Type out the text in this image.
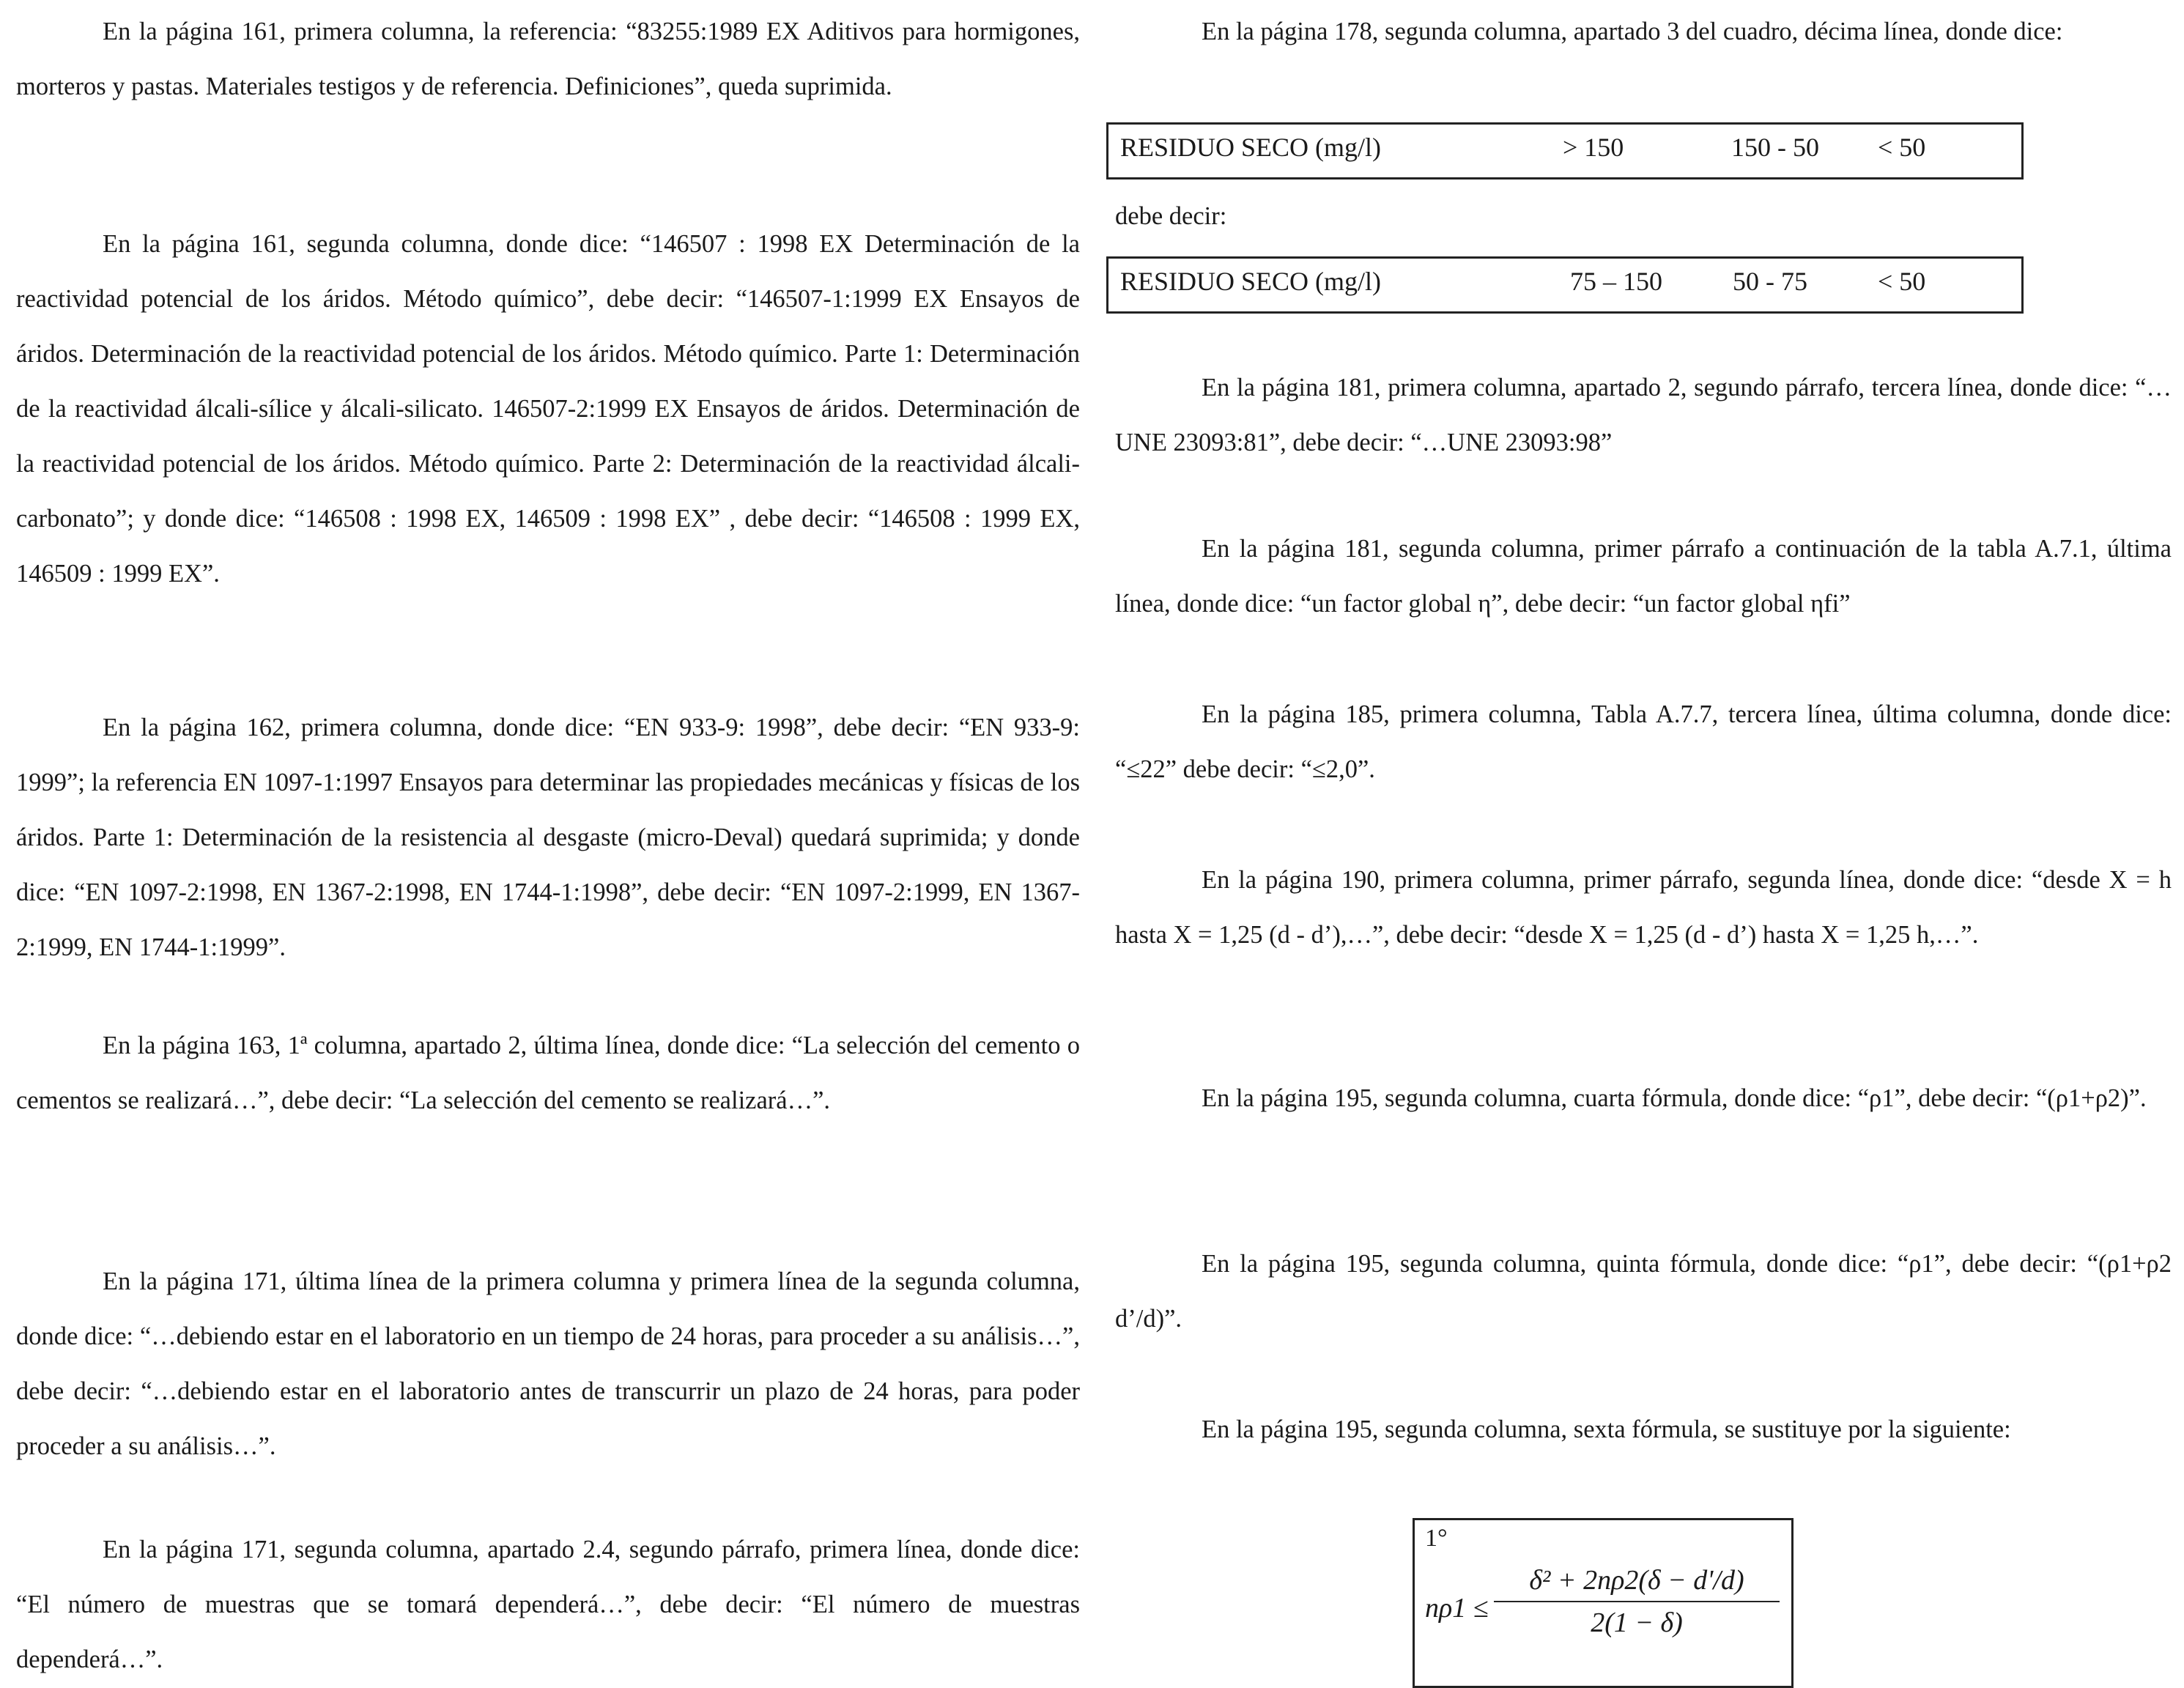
En la página 161, primera columna, la referencia: “83255:1989 EX Aditivos para hormigones, morteros y pastas. Materiales testigos y de referencia. Definiciones”, queda suprimida.

En la página 161, segunda columna, donde dice: “146507 : 1998 EX Determinación de la reactividad potencial de los áridos. Método químico”, debe decir: “146507-1:1999 EX Ensayos de áridos. Determinación de la reactividad potencial de los áridos. Método químico. Parte 1: Determinación de la reactividad álcali-sílice y álcali-silicato. 146507-2:1999 EX Ensayos de áridos. Determinación de la reactividad potencial de los áridos. Método químico. Parte 2: Determinación de la reactividad álcali-carbonato”; y donde dice: “146508 : 1998 EX, 146509 : 1998 EX” , debe decir: “146508 : 1999 EX, 146509 : 1999 EX”.

En la página 162, primera columna, donde dice: “EN 933-9: 1998”, debe decir: “EN 933-9: 1999”; la referencia EN 1097-1:1997 Ensayos para determinar las propiedades mecánicas y físicas de los áridos. Parte 1: Determinación de la resistencia al desgaste (micro-Deval) quedará suprimida; y donde dice: “EN 1097-2:1998, EN 1367-2:1998, EN 1744-1:1998”, debe decir: “EN 1097-2:1999, EN 1367-2:1999, EN 1744-1:1999”.

En la página 163, 1ª columna, apartado 2, última línea, donde dice: “La selección del cemento o cementos se realizará…”, debe decir: “La selección del cemento se realizará…”.

En la página 171, última línea de la primera columna y primera línea de la segunda columna, donde dice: “…debiendo estar en el laboratorio en un tiempo de 24 horas, para proceder a su análisis…”, debe decir: “…debiendo estar en el laboratorio antes de transcurrir un plazo de 24 horas, para poder proceder a su análisis…”.

En la página 171, segunda columna, apartado 2.4, segundo párrafo, primera línea, donde dice: “El número de muestras que se tomará dependerá…”, debe decir: “El número de muestras dependerá…”.

En la página 178, segunda columna, apartado 3 del cuadro, décima línea, donde dice:

RESIDUO SECO (mg/l)	> 150	150 - 50 < 50

debe decir:

RESIDUO SECO (mg/l)	75 – 150	50 - 75	< 50

En la página 181, primera columna, apartado 2, segundo párrafo, tercera línea, donde dice: “…UNE 23093:81”, debe decir: “…UNE 23093:98”

En la página 181, segunda columna, primer párrafo a continuación de la tabla A.7.1, última línea, donde dice: “un factor global η”, debe decir: “un factor global ηfi”

En la página 185, primera columna, Tabla A.7.7, tercera línea, última columna, donde dice: “≤22” debe decir: “≤2,0”.

En la página 190, primera columna, primer párrafo, segunda línea, donde dice: “desde X = h hasta X = 1,25 (d - d’),…”, debe decir: “desde X = 1,25 (d - d’) hasta X = 1,25 h,…”.

En la página 195, segunda columna, cuarta fórmula, donde dice: “ρ1”, debe decir: “(ρ1+ρ2)”.

En la página 195, segunda columna, quinta fórmula, donde dice: “ρ1”, debe decir: “(ρ1+ρ2 d’/d)”.

En la página 195, segunda columna, sexta fórmula, se sustituye por la siguiente:

1°
$n\rho 1 \le \frac{\text{δ² + 2nρ2(δ − d'/d)}}{2(1 - \delta)}$
